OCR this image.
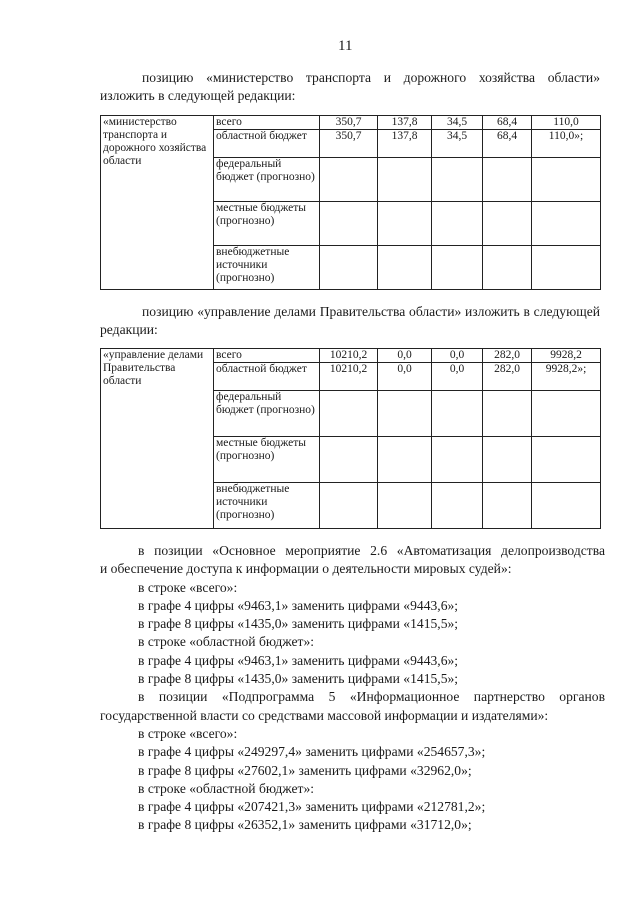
11
позицию «министерство транспорта и дорожного хозяйства области» изложить в следующей редакции:
«министерство транспорта и дорожного хозяйства области	всего	350,7	137,8	34,5	68,4	110,0
	областной бюджет	350,7	137,8	34,5	68,4	110,0»;
	федеральный бюджет (прогнозно)					
	местные бюджеты (прогнозно)					
	внебюджетные источники (прогнозно)					
позицию «управление делами Правительства области» изложить в следующей редакции:
«управление делами Правительства области	всего	10210,2	0,0	0,0	282,0	9928,2
	областной бюджет	10210,2	0,0	0,0	282,0	9928,2»;
	федеральный бюджет (прогнозно)					
	местные бюджеты (прогнозно)					
	внебюджетные источники (прогнозно)					
в позиции «Основное мероприятие 2.6 «Автоматизация делопроизводства
и обеспечение доступа к информации о деятельности мировых судей»:
в строке «всего»:
в графе 4 цифры «9463,1» заменить цифрами «9443,6»;
в графе 8 цифры «1435,0» заменить цифрами «1415,5»;
в строке «областной бюджет»:
в графе 4 цифры «9463,1» заменить цифрами «9443,6»;
в графе 8 цифры «1435,0» заменить цифрами «1415,5»;
в позиции «Подпрограмма 5 «Информационное партнерство органов
государственной власти со средствами массовой информации и издателями»:
в строке «всего»:
в графе 4 цифры «249297,4» заменить цифрами «254657,3»;
в графе 8 цифры «27602,1» заменить цифрами «32962,0»;
в строке «областной бюджет»:
в графе 4 цифры «207421,3» заменить цифрами «212781,2»;
в графе 8 цифры «26352,1» заменить цифрами «31712,0»;
